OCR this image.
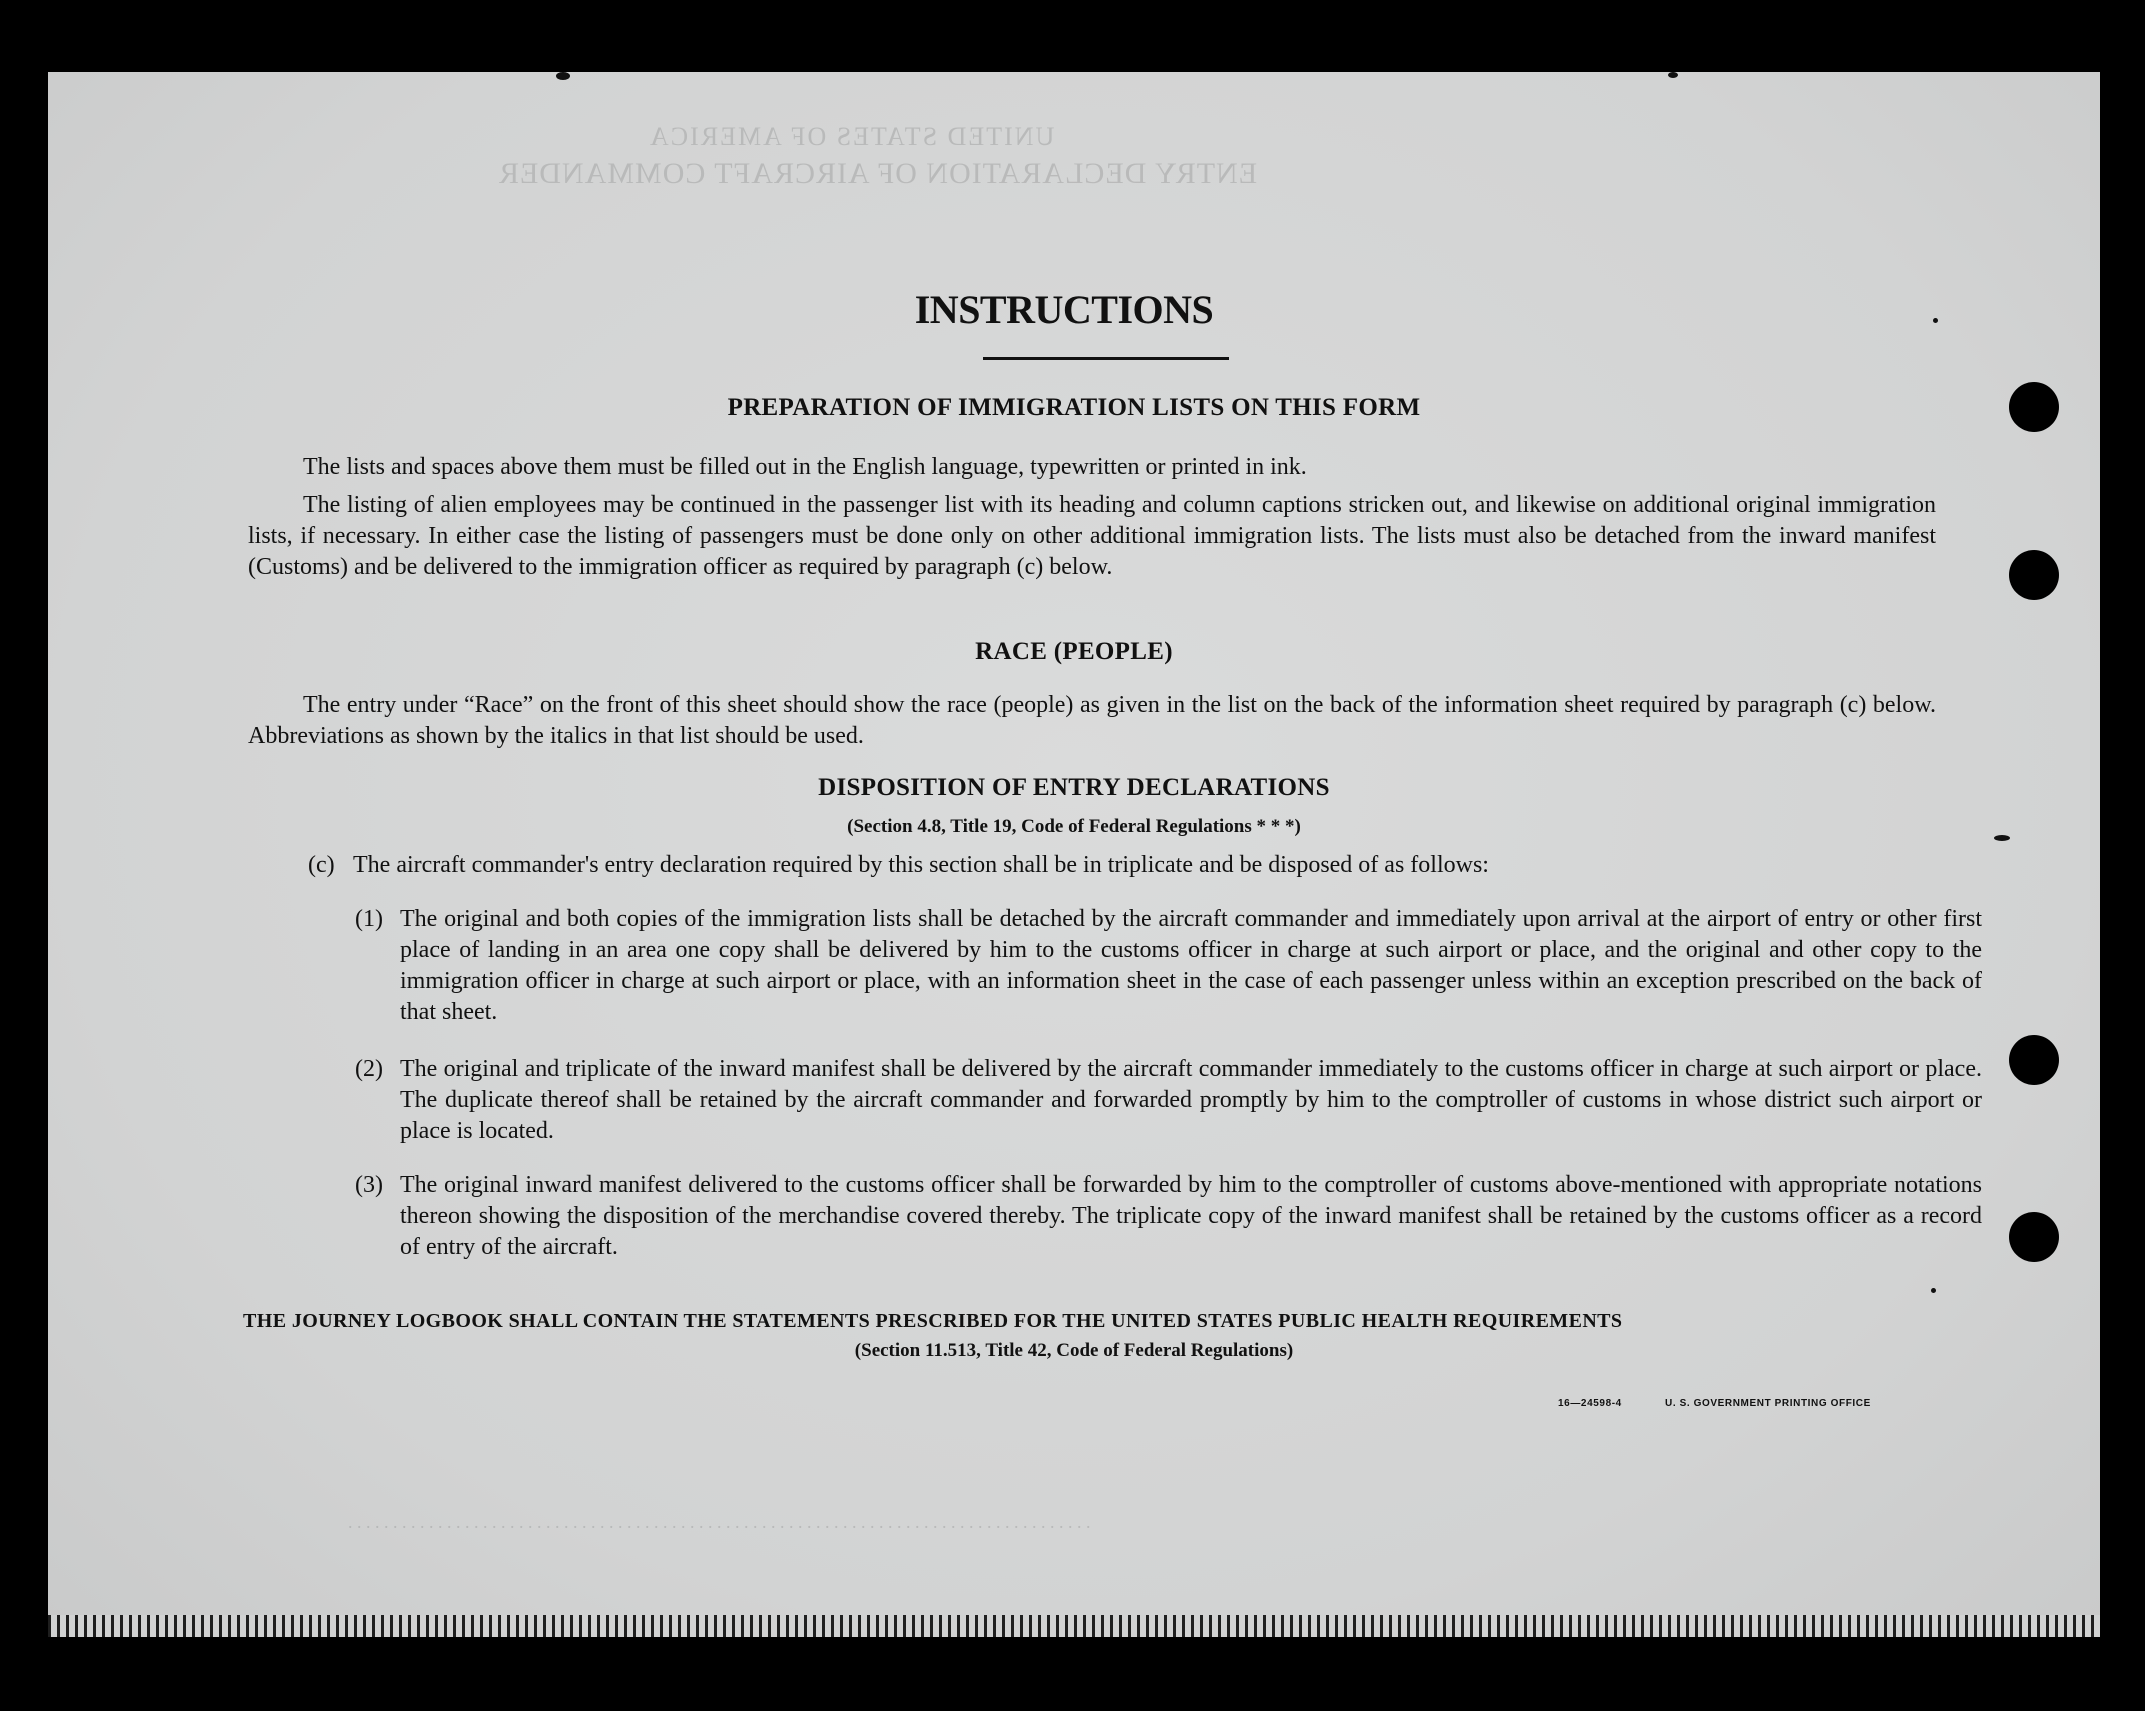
UNITED STATES OF AMERICA
ENTRY DECLARATION OF AIRCRAFT COMMANDER
. . . . . . . . . . . . . . . . . . . . . . . . . . . . . . . . . . . . . . . . . . . . . . . . . . . . . . . . . . . . . . . . . . . . . . . . . . . . . . . . . . .
INSTRUCTIONS
PREPARATION OF IMMIGRATION LISTS ON THIS FORM

The lists and spaces above them must be filled out in the English language, typewritten or printed in ink.

The listing of alien employees may be continued in the passenger list with its heading and column captions stricken out, and likewise on additional original immigration lists, if necessary. In either case the listing of passengers must be done only on other additional immigration lists. The lists must also be detached from the inward manifest (Customs) and be delivered to the immigration officer as required by paragraph (c) below.

RACE (PEOPLE)

The entry under “Race” on the front of this sheet should show the race (people) as given in the list on the back of the information sheet required by paragraph (c) below. Abbreviations as shown by the italics in that list should be used.

DISPOSITION OF ENTRY DECLARATIONS
(Section 4.8, Title 19, Code of Federal Regulations * * *)
(c) The aircraft commander's entry declaration required by this section shall be in triplicate and be disposed of as follows:
(1) The original and both copies of the immigration lists shall be detached by the aircraft commander and immediately upon arrival at the airport of entry or other first place of landing in an area one copy shall be delivered by him to the customs officer in charge at such airport or place, and the original and other copy to the immigration officer in charge at such airport or place, with an information sheet in the case of each passenger unless within an exception prescribed on the back of that sheet.
(2) The original and triplicate of the inward manifest shall be delivered by the aircraft commander immediately to the customs officer in charge at such airport or place. The duplicate thereof shall be retained by the aircraft commander and forwarded promptly by him to the comptroller of customs in whose district such airport or place is located.
(3) The original inward manifest delivered to the customs officer shall be forwarded by him to the comptroller of customs above-mentioned with appropriate notations thereon showing the disposition of the merchandise covered thereby. The triplicate copy of the inward manifest shall be retained by the customs officer as a record of entry of the aircraft.
THE JOURNEY LOGBOOK SHALL CONTAIN THE STATEMENTS PRESCRIBED FOR THE UNITED STATES PUBLIC HEALTH REQUIREMENTS
(Section 11.513, Title 42, Code of Federal Regulations)
16—24598-4	U. S. GOVERNMENT PRINTING OFFICE
